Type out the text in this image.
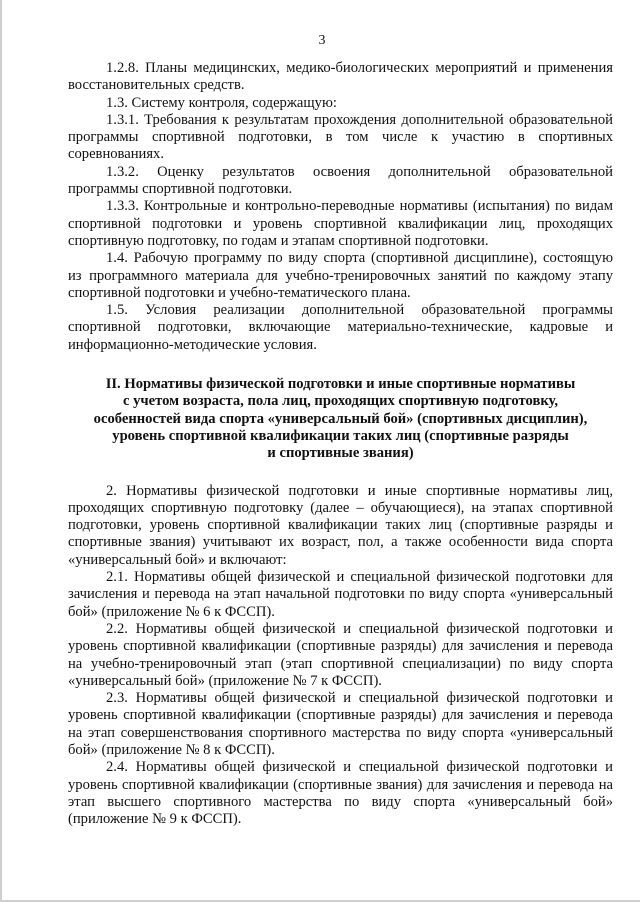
3

1.2.8. Планы медицинских, медико-биологических мероприятий и применения восстановительных средств.

1.3. Систему контроля, содержащую:

1.3.1. Требования к результатам прохождения дополнительной образовательной программы спортивной подготовки, в том числе к участию в спортивных соревнованиях.

1.3.2. Оценку результатов освоения дополнительной образовательной программы спортивной подготовки.

1.3.3. Контрольные и контрольно-переводные нормативы (испытания) по видам спортивной подготовки и уровень спортивной квалификации лиц, проходящих спортивную подготовку, по годам и этапам спортивной подготовки.

1.4. Рабочую программу по виду спорта (спортивной дисциплине), состоящую из программного материала для учебно-тренировочных занятий по каждому этапу спортивной подготовки и учебно-тематического плана.

1.5. Условия реализации дополнительной образовательной программы спортивной подготовки, включающие материально-технические, кадровые и информационно-методические условия.

II. Нормативы физической подготовки и иные спортивные нормативы
с учетом возраста, пола лиц, проходящих спортивную подготовку,
особенностей вида спорта «универсальный бой» (спортивных дисциплин),
уровень спортивной квалификации таких лиц (спортивные разряды
и спортивные звания)

2. Нормативы физической подготовки и иные спортивные нормативы лиц, проходящих спортивную подготовку (далее – обучающиеся), на этапах спортивной подготовки, уровень спортивной квалификации таких лиц (спортивные разряды и спортивные звания) учитывают их возраст, пол, а также особенности вида спорта «универсальный бой» и включают:

2.1. Нормативы общей физической и специальной физической подготовки для зачисления и перевода на этап начальной подготовки по виду спорта «универсальный бой» (приложение № 6 к ФССП).

2.2. Нормативы общей физической и специальной физической подготовки и уровень спортивной квалификации (спортивные разряды) для зачисления и перевода на учебно-тренировочный этап (этап спортивной специализации) по виду спорта «универсальный бой» (приложение № 7 к ФССП).

2.3. Нормативы общей физической и специальной физической подготовки и уровень спортивной квалификации (спортивные разряды) для зачисления и перевода на этап совершенствования спортивного мастерства по виду спорта «универсальный бой» (приложение № 8 к ФССП).

2.4. Нормативы общей физической и специальной физической подготовки и уровень спортивной квалификации (спортивные звания) для зачисления и перевода на этап высшего спортивного мастерства по виду спорта «универсальный бой» (приложение № 9 к ФССП).
